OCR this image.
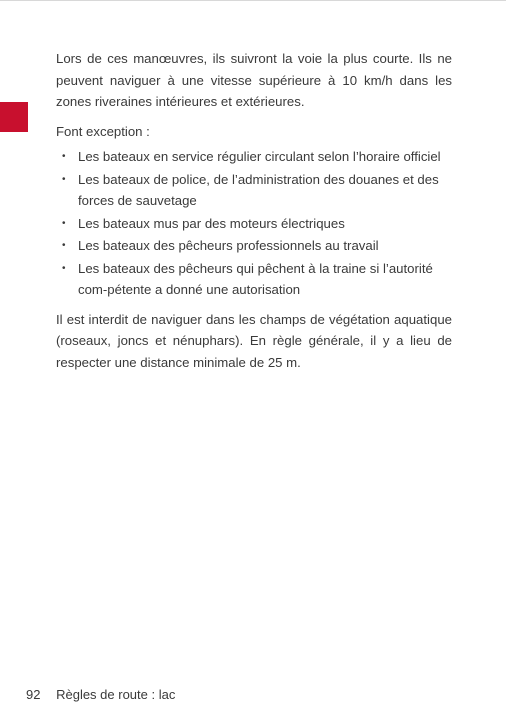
Lors de ces manœuvres, ils suivront la voie la plus courte. Ils ne peuvent naviguer à une vitesse supérieure à 10 km/h dans les zones riveraines intérieures et extérieures.

Font exception :

• Les bateaux en service régulier circulant selon l’horaire officiel
• Les bateaux de police, de l’administration des douanes et des forces de sauvetage
• Les bateaux mus par des moteurs électriques
• Les bateaux des pêcheurs professionnels au travail
• Les bateaux des pêcheurs qui pêchent à la traine si l’autorité com-pétente a donné une autorisation

Il est interdit de naviguer dans les champs de végétation aquatique (roseaux, joncs et nénuphars). En règle générale, il y a lieu de respecter une distance minimale de 25 m.

92 Règles de route : lac
